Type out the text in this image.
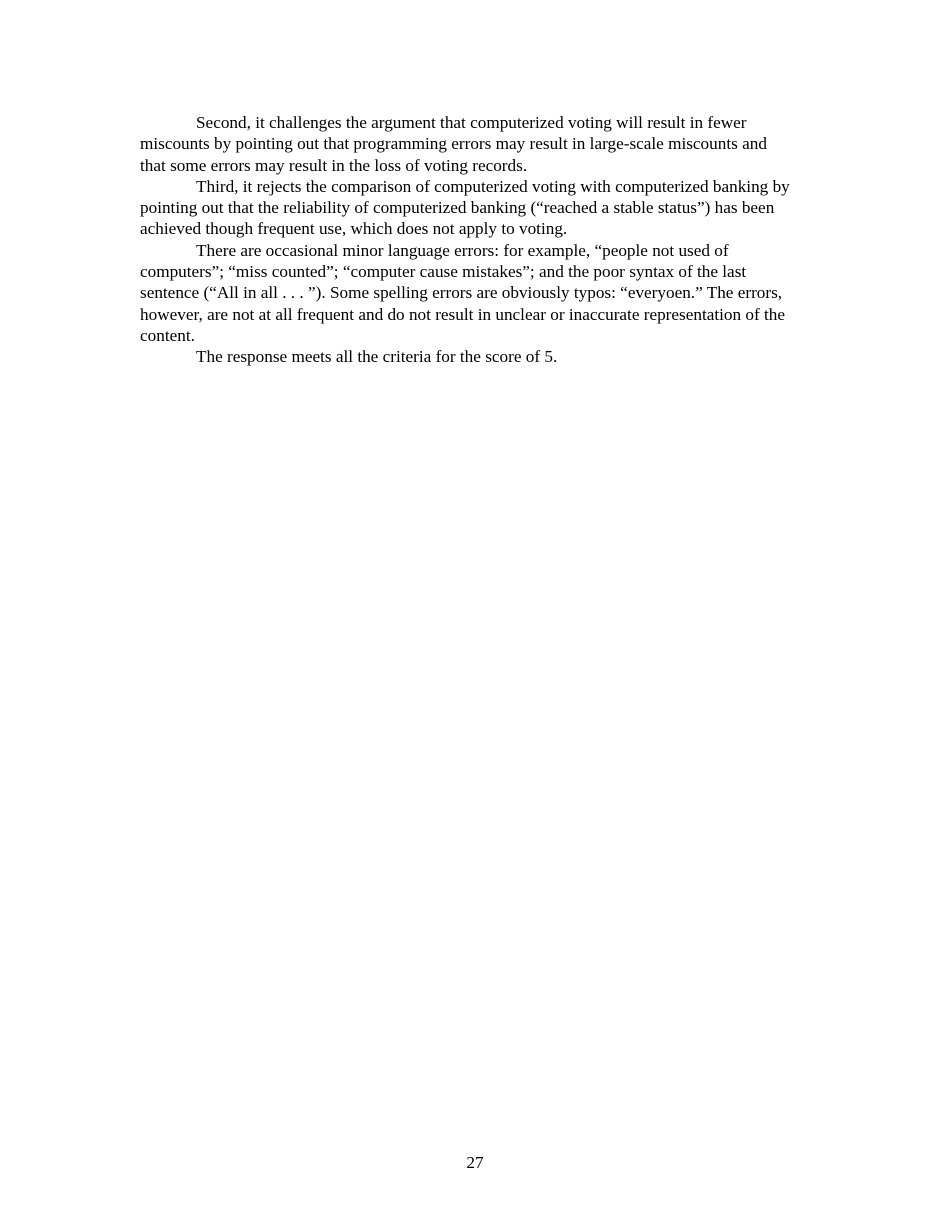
Second, it challenges the argument that computerized voting will result in fewer miscounts by pointing out that programming errors may result in large-scale miscounts and that some errors may result in the loss of voting records.

Third, it rejects the comparison of computerized voting with computerized banking by pointing out that the reliability of computerized banking (“reached a stable status”) has been achieved though frequent use, which does not apply to voting.

There are occasional minor language errors: for example, “people not used of computers”; “miss counted”; “computer cause mistakes”; and the poor syntax of the last sentence (“All in all . . . ”). Some spelling errors are obviously typos: “everyoen.” The errors, however, are not at all frequent and do not result in unclear or inaccurate representation of the content.

The response meets all the criteria for the score of 5.

27
